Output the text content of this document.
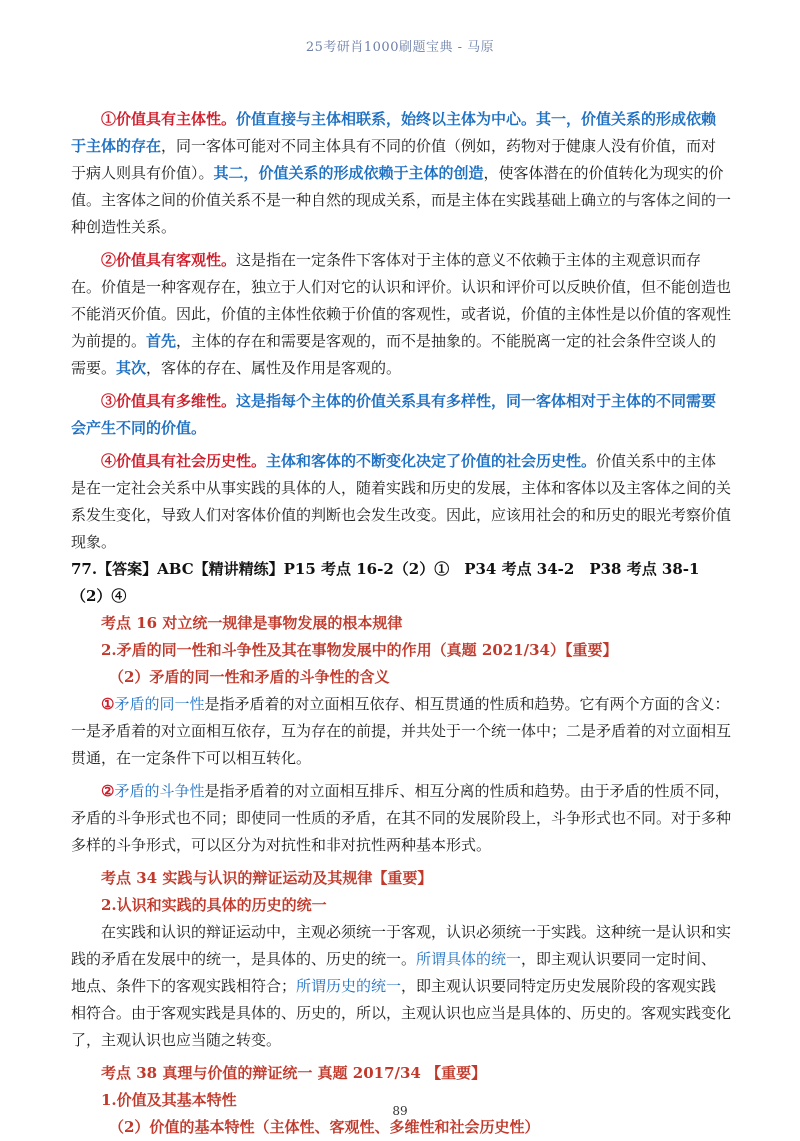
25考研肖1000刷题宝典 - 马原

①价值具有主体性。价值直接与主体相联系，始终以主体为中心。其一，价值关系的形成依赖于主体的存在，同一客体可能对不同主体具有不同的价值（例如，药物对于健康人没有价值，而对于病人则具有价值）。其二，价值关系的形成依赖于主体的创造，使客体潜在的价值转化为现实的价值。主客体之间的价值关系不是一种自然的现成关系，而是主体在实践基础上确立的与客体之间的一种创造性关系。

②价值具有客观性。这是指在一定条件下客体对于主体的意义不依赖于主体的主观意识而存在。价值是一种客观存在，独立于人们对它的认识和评价。认识和评价可以反映价值，但不能创造也不能消灭价值。因此，价值的主体性依赖于价值的客观性，或者说，价值的主体性是以价值的客观性为前提的。首先，主体的存在和需要是客观的，而不是抽象的。不能脱离一定的社会条件空谈人的需要。其次，客体的存在、属性及作用是客观的。

③价值具有多维性。这是指每个主体的价值关系具有多样性，同一客体相对于主体的不同需要会产生不同的价值。

④价值具有社会历史性。主体和客体的不断变化决定了价值的社会历史性。价值关系中的主体是在一定社会关系中从事实践的具体的人，随着实践和历史的发展，主体和客体以及主客体之间的关系发生变化，导致人们对客体价值的判断也会发生改变。因此，应该用社会的和历史的眼光考察价值现象。

77.【答案】ABC【精讲精练】P15 考点 16-2（2）①　P34 考点 34-2　P38 考点 38-1（2）④

考点 16 对立统一规律是事物发展的根本规律

2.矛盾的同一性和斗争性及其在事物发展中的作用（真题 2021/34）【重要】

（2）矛盾的同一性和矛盾的斗争性的含义

①矛盾的同一性是指矛盾着的对立面相互依存、相互贯通的性质和趋势。它有两个方面的含义：一是矛盾着的对立面相互依存，互为存在的前提，并共处于一个统一体中；二是矛盾着的对立面相互贯通，在一定条件下可以相互转化。

②矛盾的斗争性是指矛盾着的对立面相互排斥、相互分离的性质和趋势。由于矛盾的性质不同，矛盾的斗争形式也不同；即使同一性质的矛盾，在其不同的发展阶段上，斗争形式也不同。对于多种多样的斗争形式，可以区分为对抗性和非对抗性两种基本形式。

考点 34 实践与认识的辩证运动及其规律【重要】

2.认识和实践的具体的历史的统一

在实践和认识的辩证运动中，主观必须统一于客观，认识必须统一于实践。这种统一是认识和实践的矛盾在发展中的统一，是具体的、历史的统一。所谓具体的统一，即主观认识要同一定时间、地点、条件下的客观实践相符合；所谓历史的统一，即主观认识要同特定历史发展阶段的客观实践相符合。由于客观实践是具体的、历史的，所以，主观认识也应当是具体的、历史的。客观实践变化了，主观认识也应当随之转变。

考点 38 真理与价值的辩证统一 真题 2017/34 【重要】

1.价值及其基本特性

（2）价值的基本特性（主体性、客观性、多维性和社会历史性）

89
